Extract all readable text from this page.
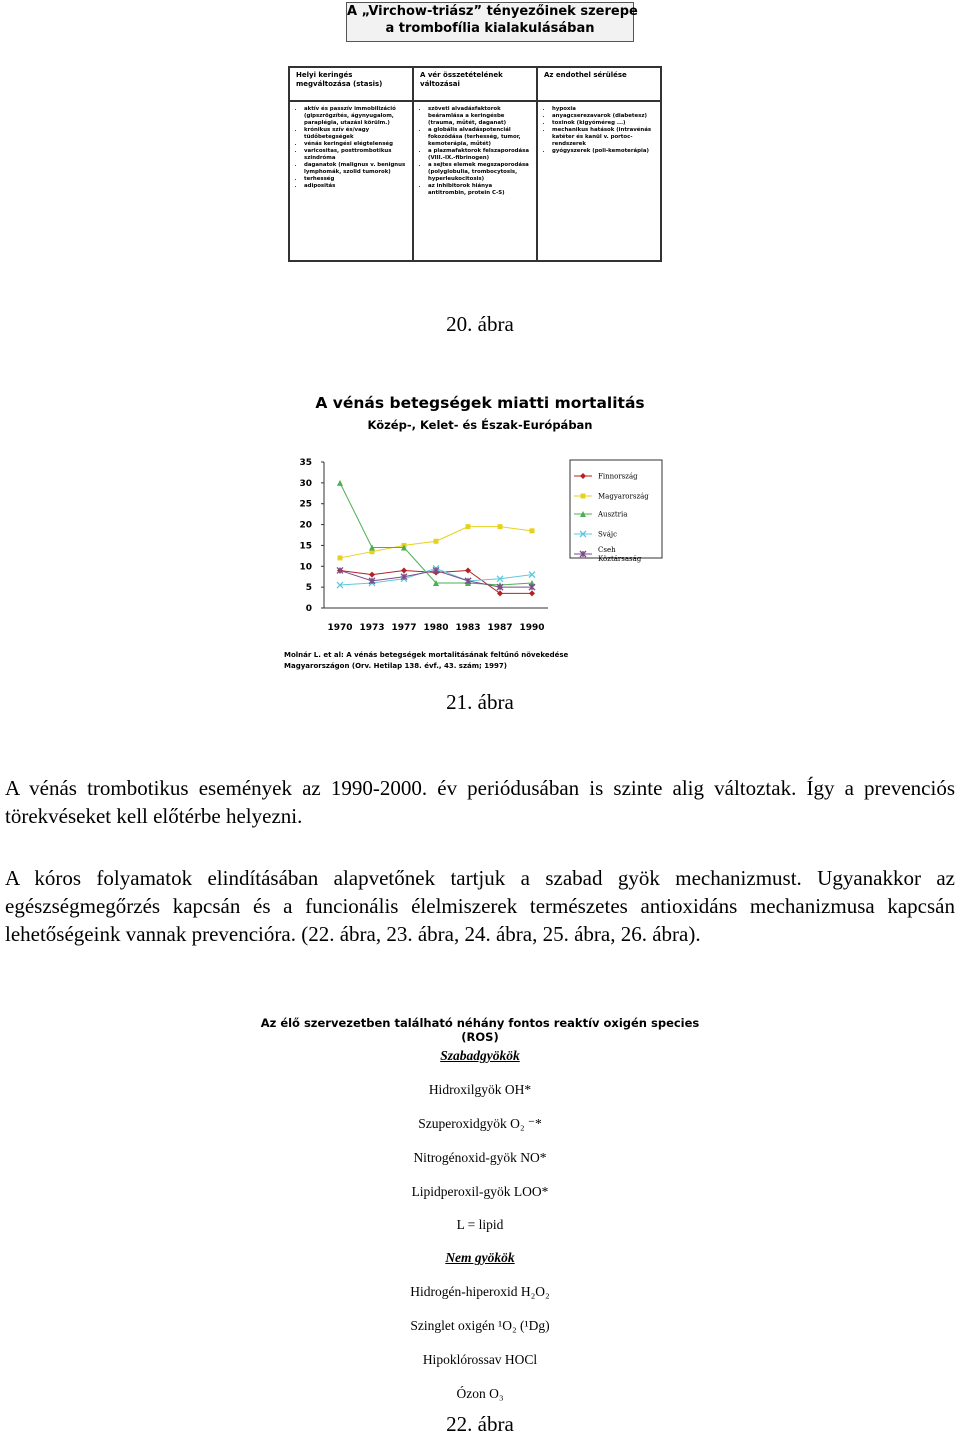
A „Virchow-triász” tényezőinek szerepe
a trombofília kialakulásában
Helyi keringés megváltozása (stasis)
A vér összetételének változásai
Az endothel sérülése
• aktív és passzív immobilizáció (gipszrögzítés, ágynyugalom, paraplégia, utazási körülm.)
• krónikus szív és/vagy tüdőbetegségek
• vénás keringési elégtelenség
• varicositas, posttrombotikus szindróma
• daganatok (malignus v. benignus lymphomák, szolid tumorok)
• terhesség
• adipositás
• szöveti alvadásfaktorok beáramlása a keringésbe (trauma, műtét, daganat)
• a globális alvadáspotenciál fokozódása (terhesség, tumor, kemoterápia, műtét)
• a plazmafaktorok felszaporodása (VIII.-IX.-fibrinogen)
• a sejtes elemek megszaporodása (polyglobulia, trombocytosis, hyperleukocitosis)
• az inhibitorok hiánya antitrombin, protein C-S)
• hypoxia
• anyagcserezavarok (diabetesz)
• toxinok (kigyóméreg ...)
• mechanikus hatások (intravénás katéter és kanül v. portoc-rendszerek
• gyógyszerek (poli-kemoterápia)
20. ábra
A vénás betegségek miatti mortalitás
Közép-, Kelet- és Észak-Európában
0
5
10
15
20
25
30
35
1970 1973 1977 1980 1983 1987 1990
Finnország
Magyarország
Ausztria
Svájc
Cseh
Köztársaság
Molnár L. et al: A vénás betegségek mortalitásának feltűnő növekedése
Magyarországon (Orv. Hetilap 138. évf., 43. szám; 1997)
21. ábra
A vénás trombotikus események az 1990-2000. év periódusában is szinte alig változtak. Így a prevenciós törekvéseket kell előtérbe helyezni.
A kóros folyamatok elindításában alapvetőnek tartjuk a szabad gyök mechanizmust. Ugyanakkor az egészségmegőrzés kapcsán és a funcionális élelmiszerek természetes antioxidáns mechanizmusa kapcsán lehetőségeink vannak prevencióra. (22. ábra, 23. ábra, 24. ábra, 25. ábra, 26. ábra).
Az élő szervezetben található néhány fontos reaktív oxigén species (ROS)
Szabadgyökök
Hidroxilgyök OH*
Szuperoxidgyök O₂ ⁻*
Nitrogénoxid-gyök NO*
Lipidperoxil-gyök LOO*
L = lipid
Nem gyökök
Hidrogén-hiperoxid H₂O₂
Szinglet oxigén ¹O₂ (¹Dg)
Hipoklórossav HOCl
Ózon O₃
22. ábra
